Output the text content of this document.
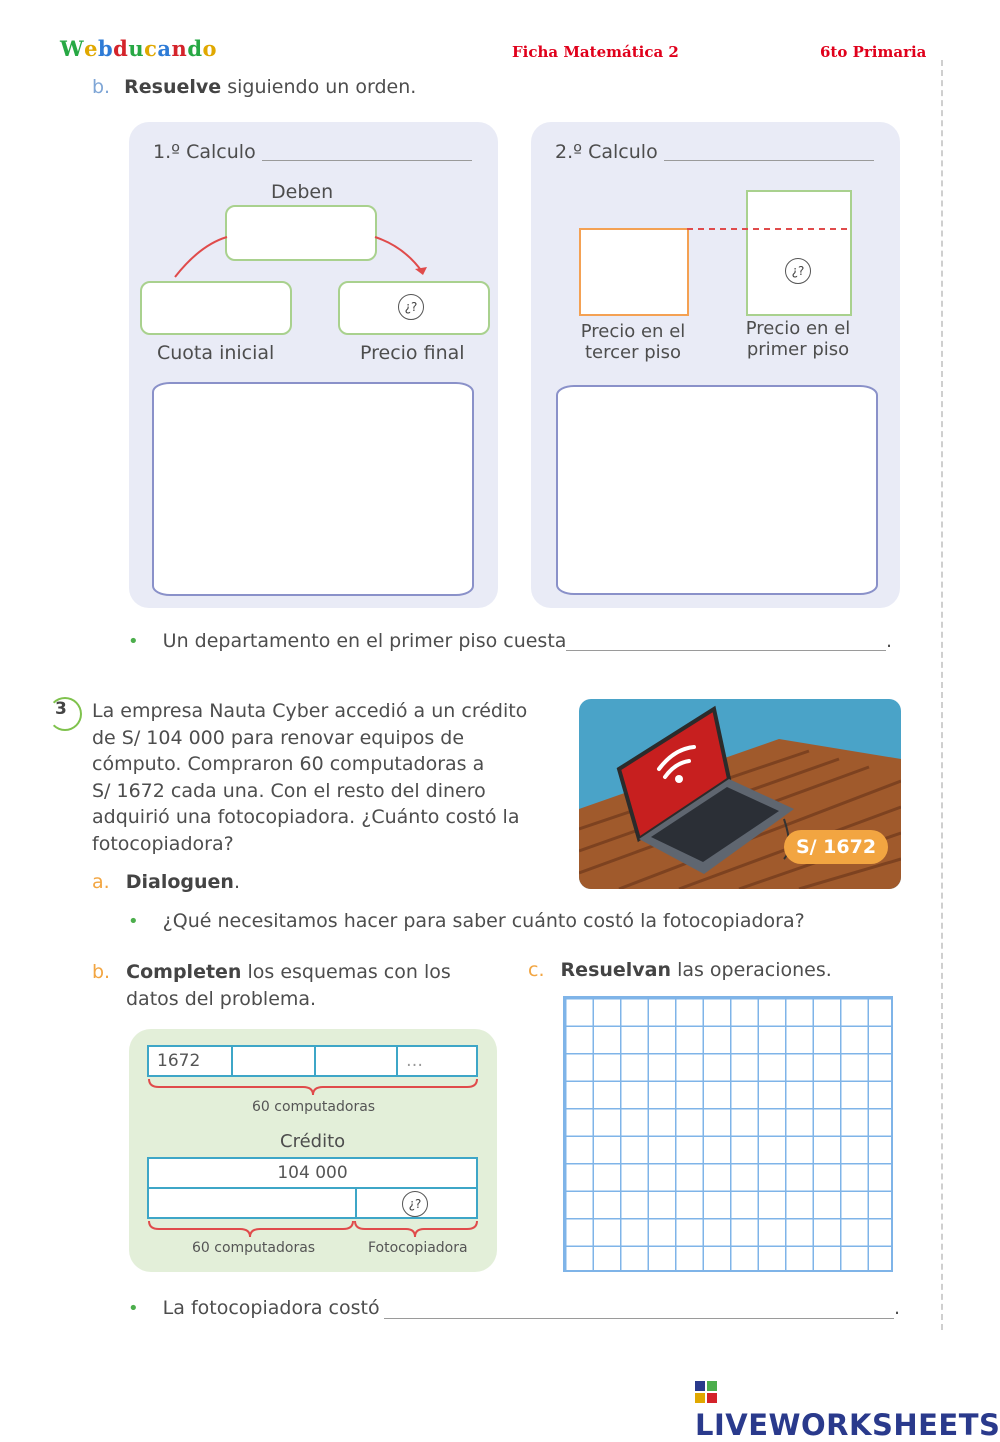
Webducando	Ficha Matemática 2	6to Primaria
b. Resuelve siguiendo un orden.
1.º Calculo
Deben
¿?
Cuota inicial	Precio final
2.º Calculo
¿?
Precio en el tercer piso
Precio en el primer piso
• Un departamento en el primer piso cuesta	.
3 La empresa Nauta Cyber accedió a un crédito
de S/ 104 000 para renovar equipos de
cómputo. Compraron 60 computadoras a
S/ 1672 cada una. Con el resto del dinero
adquirió una fotocopiadora. ¿Cuánto costó la
fotocopiadora?	S/ 1672
a. Dialoguen.
• ¿Qué necesitamos hacer para saber cuánto costó la fotocopiadora?
b. Completen los esquemas con los
datos del problema.
c. Resuelvan las operaciones.
1672	…
60 computadoras
Crédito
104 000
¿?
60 computadoras	Fotocopiadora
• La fotocopiadora costó	.
LIVEWORKSHEETS
